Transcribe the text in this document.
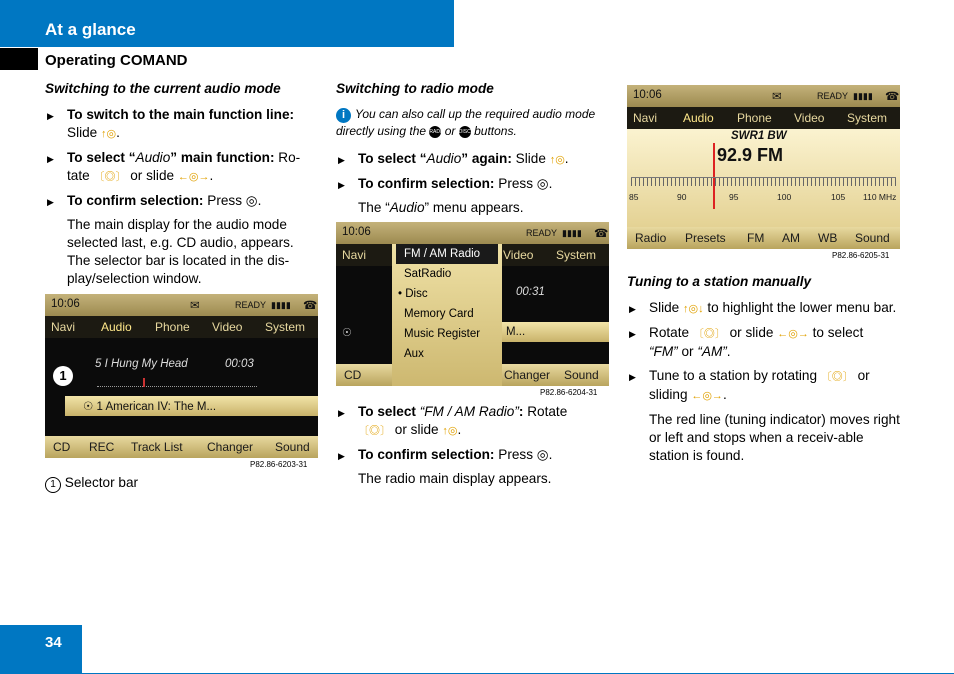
At a glance
Operating COMAND

Switching to the current audio mode

▶ To switch to the main function line:
Slide ↑◎.

▶ To select “Audio” main function: Ro-tate 〔◎〕 or slide ←◎→.

▶ To confirm selection: Press ◎.

The main display for the audio mode selected last, e.g. CD audio, appears. The selector bar is located in the dis-play/selection window.

10:06	✉	READY ▮▮▮▮ ☎
Navi Audio Phone Video System
5 I Hung My Head	00:03
☉ 1 American IV: The M...
1
CD REC Track List Changer Sound
P82.86-6203-31
1 Selector bar

Switching to radio mode

i You can also call up the required audio mode directly using the RADIO or DISC buttons.

▶ To select “Audio” again: Slide ↑◎.

▶ To confirm selection: Press ◎.

The “Audio” menu appears.

10:06	READY ▮▮▮▮ ☎
Navi	Video System
00:31
M...
☉
FM / AM Radio
SatRadio
• Disc
Memory Card
Music Register
Aux
CD	Changer Sound
P82.86-6204-31

▶ To select “FM / AM Radio”: Rotate
〔◎〕 or slide ↑◎.

▶ To confirm selection: Press ◎.

The radio main display appears.

10:06	✉	READY ▮▮▮▮ ☎
Navi Audio Phone Video System
SWR1 BW
92.9 FM
85	90	95	100	105 110 MHz
Radio Presets FM AM WB Sound
P82.86-6205-31

Tuning to a station manually

▶ Slide ↑◎↓ to highlight the lower menu bar.

▶ Rotate 〔◎〕 or slide ←◎→ to select
“FM” or “AM”.

▶ Tune to a station by rotating 〔◎〕 or sliding ←◎→.

The red line (tuning indicator) moves right or left and stops when a receiv-able station is found.

34
